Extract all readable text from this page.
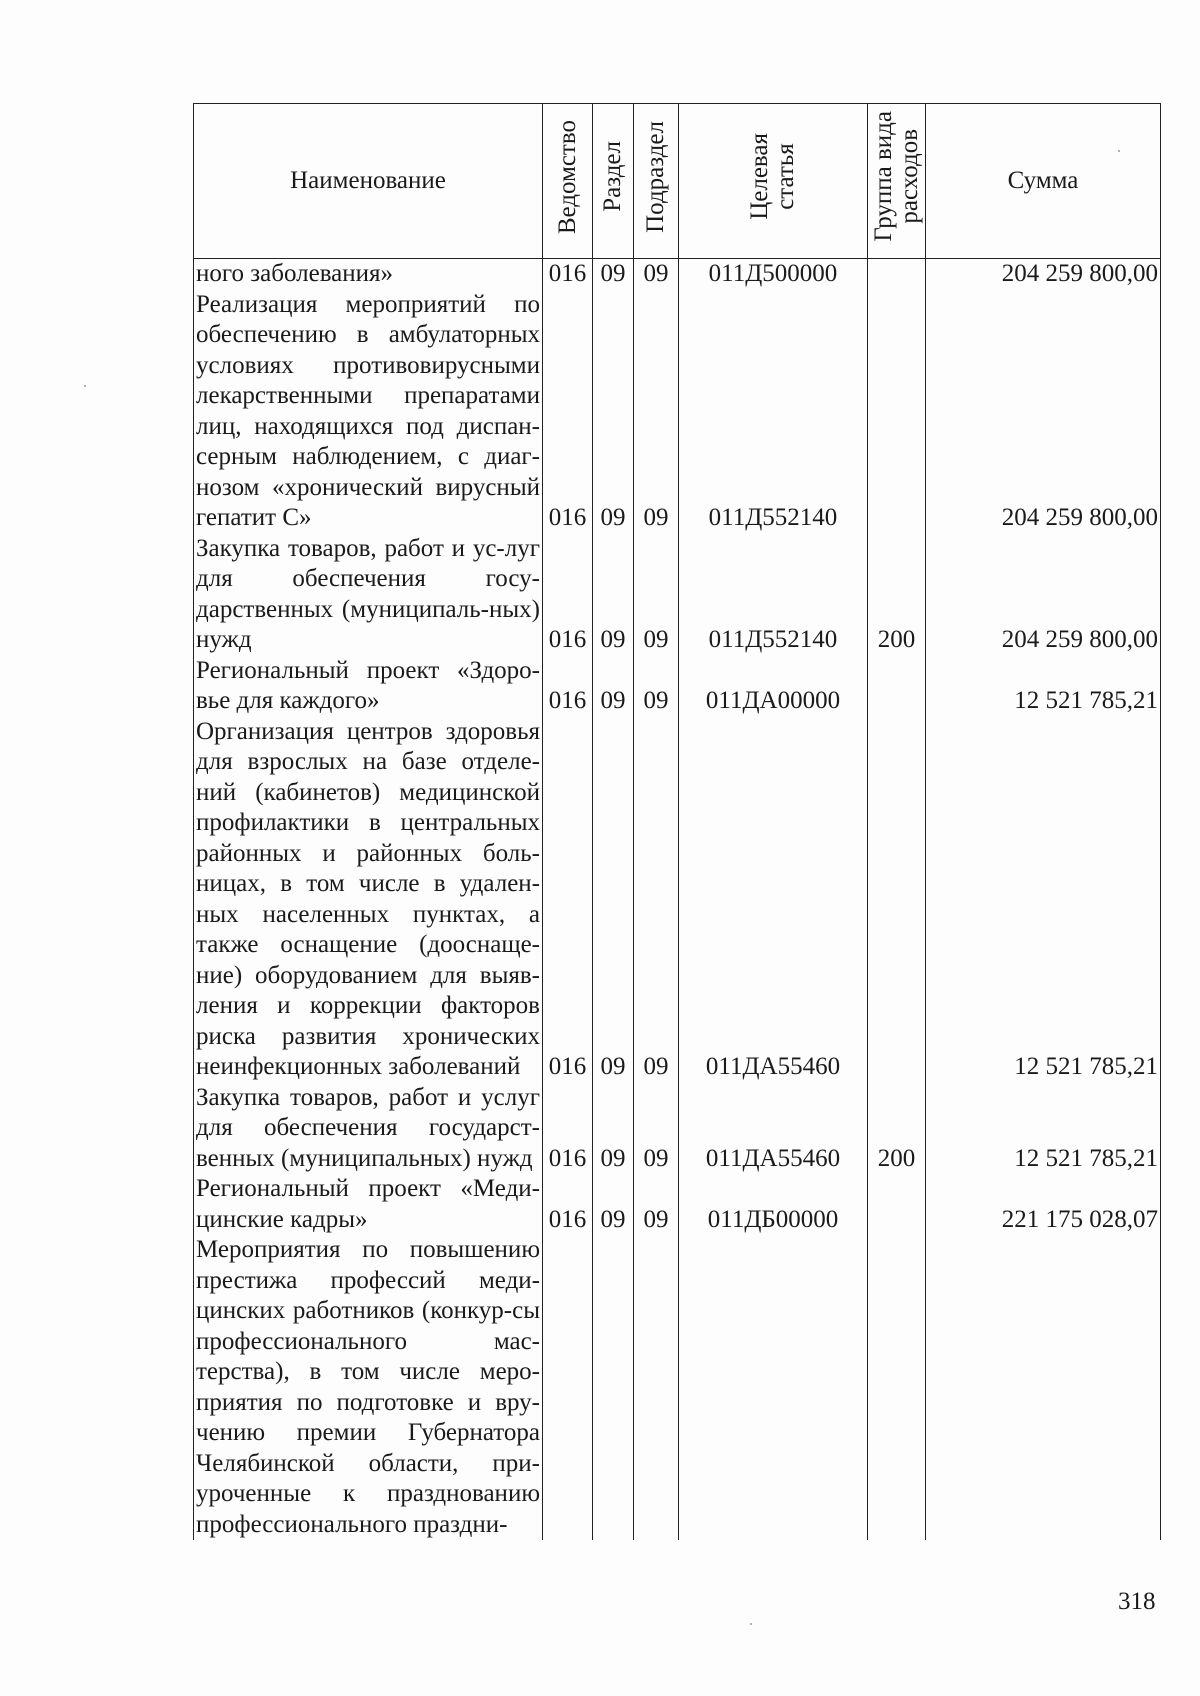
Наименование	Ведомство	Раздел	Подраздел	Целевая статья	Группа вида расходов	Сумма
ного заболевания»	016	09	09	011Д500000		204 259 800,00
Реализация мероприятий по обеспечению в амбулаторных условиях противовирусными лекарственными препаратами лиц, находящихся под диспан-серным наблюдением, с диаг-нозом «хронический вирусный гепатит С»	016	09	09	011Д552140		204 259 800,00
Закупка товаров, работ и ус-луг для обеспечения госу-дарственных (муниципаль-ных) нужд	016	09	09	011Д552140	200	204 259 800,00
Региональный проект «Здоро-вье для каждого»	016	09	09	011ДА00000		12 521 785,21
Организация центров здоровья для взрослых на базе отделе-ний (кабинетов) медицинской профилактики в центральных районных и районных боль-ницах, в том числе в удален-ных населенных пунктах, а также оснащение (дооснаще-ние) оборудованием для выяв-ления и коррекции факторов риска развития хронических неинфекционных заболеваний	016	09	09	011ДА55460		12 521 785,21
Закупка товаров, работ и услуг для обеспечения государст-венных (муниципальных) нужд	016	09	09	011ДА55460	200	12 521 785,21
Региональный проект «Меди-цинские кадры»	016	09	09	011ДБ00000		221 175 028,07
Мероприятия по повышению престижа профессий меди-цинских работников (конкур-сы профессионального мас-терства), в том числе меро-приятия по подготовке и вру-чению премии Губернатора Челябинской области, при-уроченные к празднованию профессионального праздни-						
318
